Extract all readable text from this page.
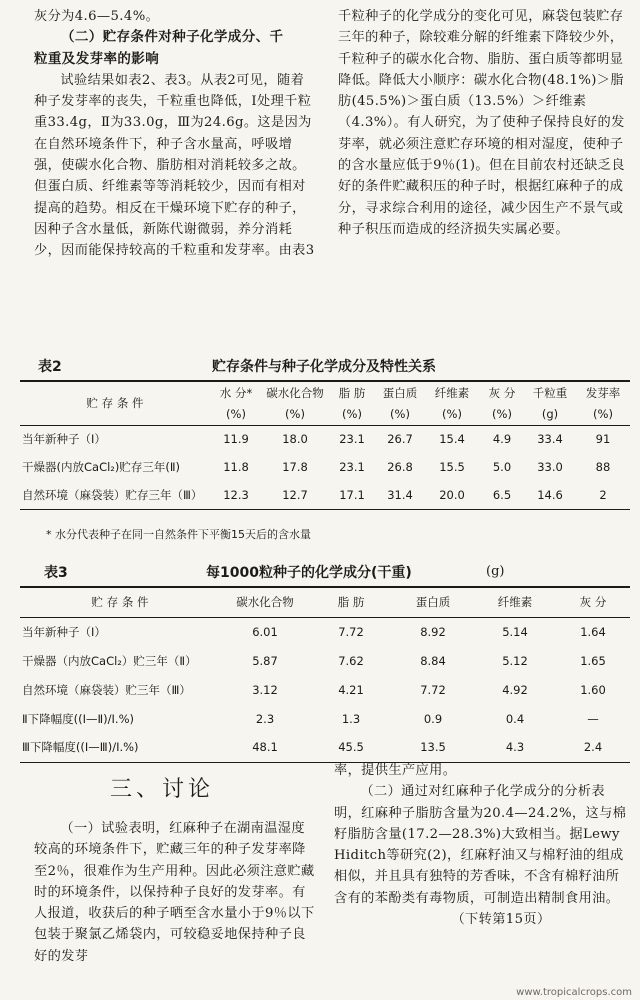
灰分为4.6—5.4%。

（二）贮存条件对种子化学成分、千

粒重及发芽率的影响

试验结果如表2、表3。从表2可见，随着种子发芽率的丧失，千粒重也降低，Ⅰ处理千粒重33.4g，Ⅱ为33.0g，Ⅲ为24.6g。这是因为在自然环境条件下，种子含水量高，呼吸增强，使碳水化合物、脂肪相对消耗较多之故。但蛋白质、纤维素等等消耗较少，因而有相对提高的趋势。相反在干燥环境下贮存的种子，因种子含水量低，新陈代谢微弱，养分消耗少，因而能保持较高的千粒重和发芽率。由表3

千粒种子的化学成分的变化可见，麻袋包装贮存三年的种子，除较难分解的纤维素下降较少外，千粒种子的碳水化合物、脂肪、蛋白质等都明显降低。降低大小顺序：碳水化合物(48.1%)＞脂肪(45.5%)＞蛋白质（13.5%）＞纤维素（4.3%）。有人研究，为了使种子保持良好的发芽率，就必须注意贮存环境的相对湿度，使种子的含水量应低于9％(1)。但在目前农村还缺乏良好的条件贮藏积压的种子时，根据红麻种子的成分，寻求综合利用的途径，减少因生产不景气或种子积压而造成的经济损失实属必要。

表2	贮存条件与种子化学成分及特性关系
贮 存 条 件	水 分*	碳水化合物	脂 肪	蛋白质	纤维素	灰 分	千粒重	发芽率
	(%)	(%)	(%)	(%)	(%)	(%)	(g)	(%)
当年新种子（Ⅰ）	11.9	18.0	23.1	26.7	15.4	4.9	33.4	91
干燥器(内放CaCl₂)贮存三年(Ⅱ)	11.8	17.8	23.1	26.8	15.5	5.0	33.0	88
自然环境（麻袋装）贮存三年（Ⅲ）	12.3	12.7	17.1	31.4	20.0	6.5	14.6	2
* 水分代表种子在同一自然条件下平衡15天后的含水量
表3	每1000粒种子的化学成分(干重)	(g)
贮 存 条 件	碳水化合物	脂 肪	蛋白质	纤维素	灰 分
当年新种子（Ⅰ）	6.01	7.72	8.92	5.14	1.64
干燥器（内放CaCl₂）贮三年（Ⅱ）	5.87	7.62	8.84	5.12	1.65
自然环境（麻袋装）贮三年（Ⅲ）	3.12	4.21	7.72	4.92	1.60
Ⅱ下降幅度((Ⅰ—Ⅱ)/Ⅰ.%)	2.3	1.3	0.9	0.4	—
Ⅲ下降幅度((Ⅰ—Ⅲ)/Ⅰ.%)	48.1	45.5	13.5	4.3	2.4
三、讨论

（一）试验表明，红麻种子在湖南温湿度较高的环境条件下，贮藏三年的种子发芽率降至2％，很难作为生产用种。因此必须注意贮藏时的环境条件，以保持种子良好的发芽率。有人报道，收获后的种子晒至含水量小于9％以下包装于聚氯乙烯袋内，可较稳妥地保持种子良好的发芽

率，提供生产应用。

（二）通过对红麻种子化学成分的分析表明，红麻种子脂肪含量为20.4—24.2%，这与棉籽脂肪含量(17.2—28.3%)大致相当。据Lewy Hiditch等研究(2)，红麻籽油又与棉籽油的组成相似，并且具有独特的芳香味，不含有棉籽油所含有的苯酚类有毒物质，可制造出精制食用油。

（下转第15页）

www.tropicalcrops.com
